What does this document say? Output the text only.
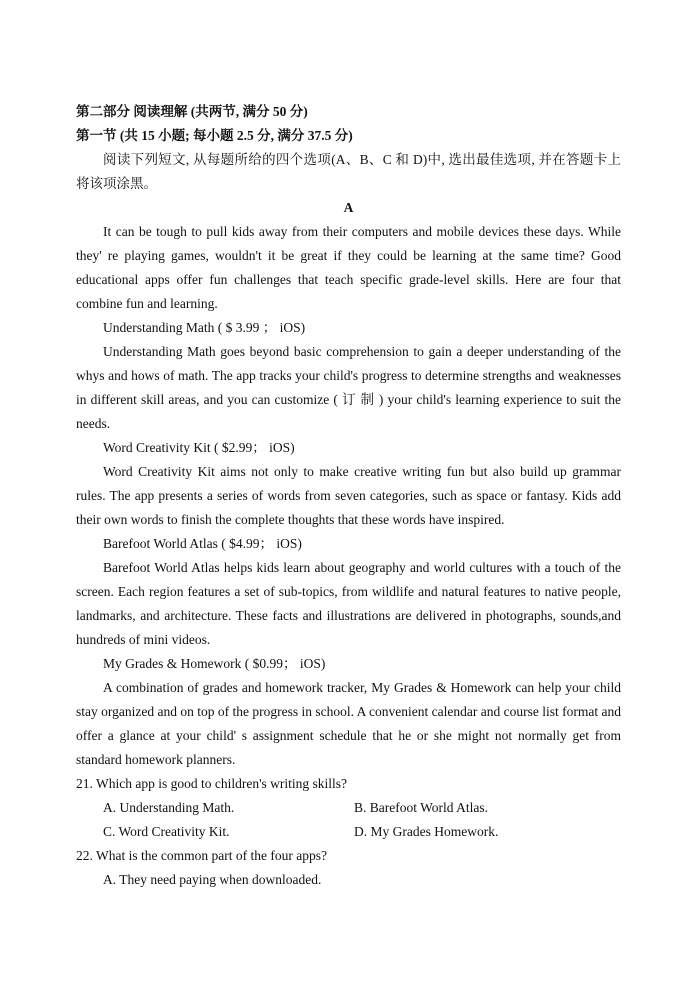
第二部分 阅读理解 (共两节, 满分 50 分)
第一节 (共 15 小题; 每小题 2.5 分, 满分 37.5 分)

阅读下列短文, 从每题所给的四个选项(A、B、C 和 D)中, 选出最佳选项, 并在答题卡上将该项涂黑。

A

It can be tough to pull kids away from their computers and mobile devices these days. While they' re playing games, wouldn't it be great if they could be learning at the same time? Good educational apps offer fun challenges that teach specific grade-level skills. Here are four that combine fun and learning.

Understanding Math ( $ 3.99 ； iOS)

Understanding Math goes beyond basic comprehension to gain a deeper understanding of the whys and hows of math. The app tracks your child's progress to determine strengths and weaknesses in different skill areas, and you can customize ( 订 制 ) your child's learning experience to suit the needs.

Word Creativity Kit ( $2.99； iOS)

Word Creativity Kit aims not only to make creative writing fun but also build up grammar rules. The app presents a series of words from seven categories, such as space or fantasy. Kids add their own words to finish the complete thoughts that these words have inspired.

Barefoot World Atlas ( $4.99； iOS)

Barefoot World Atlas helps kids learn about geography and world cultures with a touch of the screen. Each region features a set of sub-topics, from wildlife and natural features to native people, landmarks, and architecture. These facts and illustrations are delivered in photographs, sounds,and hundreds of mini videos.

My Grades & Homework ( $0.99； iOS)

A combination of grades and homework tracker, My Grades & Homework can help your child stay organized and on top of the progress in school. A convenient calendar and course list format and offer a glance at your child' s assignment schedule that he or she might not normally get from standard homework planners.

21. Which app is good to children's writing skills?
A. Understanding Math.	B. Barefoot World Atlas.
C. Word Creativity Kit.	D. My Grades Homework.
22. What is the common part of the four apps?
A. They need paying when downloaded.
